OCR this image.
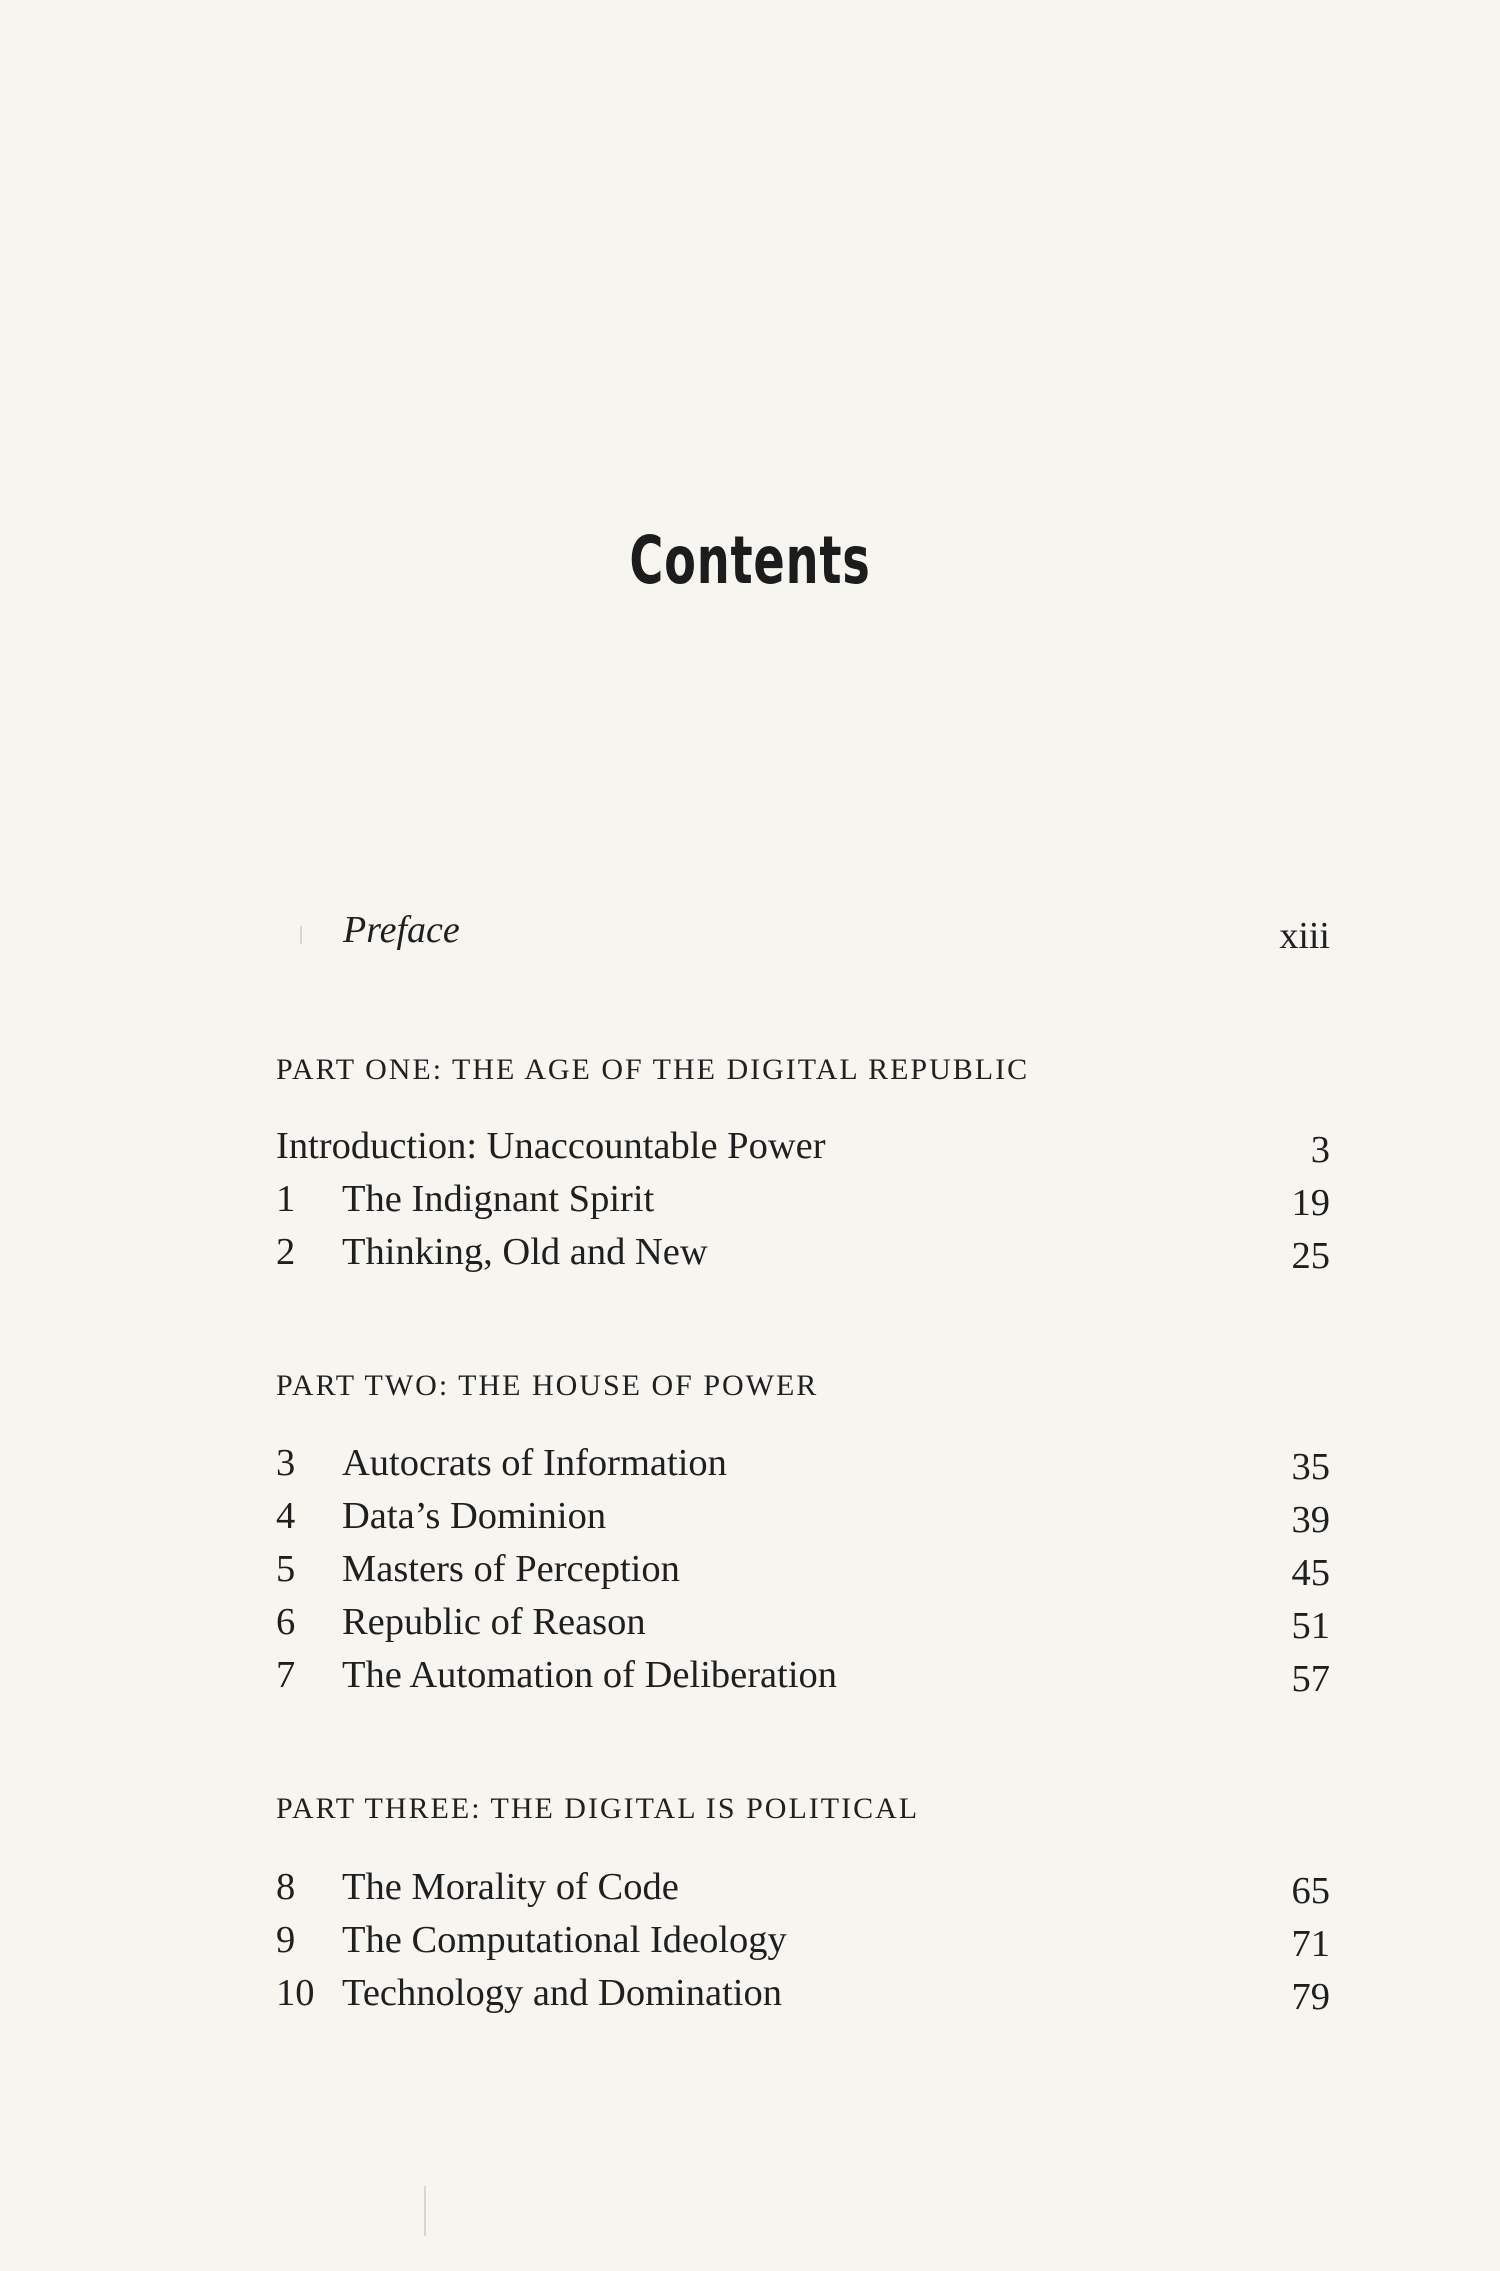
Contents
Preface	xiii
PART ONE: THE AGE OF THE DIGITAL REPUBLIC
Introduction: Unaccountable Power	3
1	The Indignant Spirit	19
2	Thinking, Old and New	25
PART TWO: THE HOUSE OF POWER
3	Autocrats of Information	35
4	Data’s Dominion	39
5	Masters of Perception	45
6	Republic of Reason	51
7	The Automation of Deliberation	57
PART THREE: THE DIGITAL IS POLITICAL
8	The Morality of Code	65
9	The Computational Ideology	71
10 Technology and Domination	79
